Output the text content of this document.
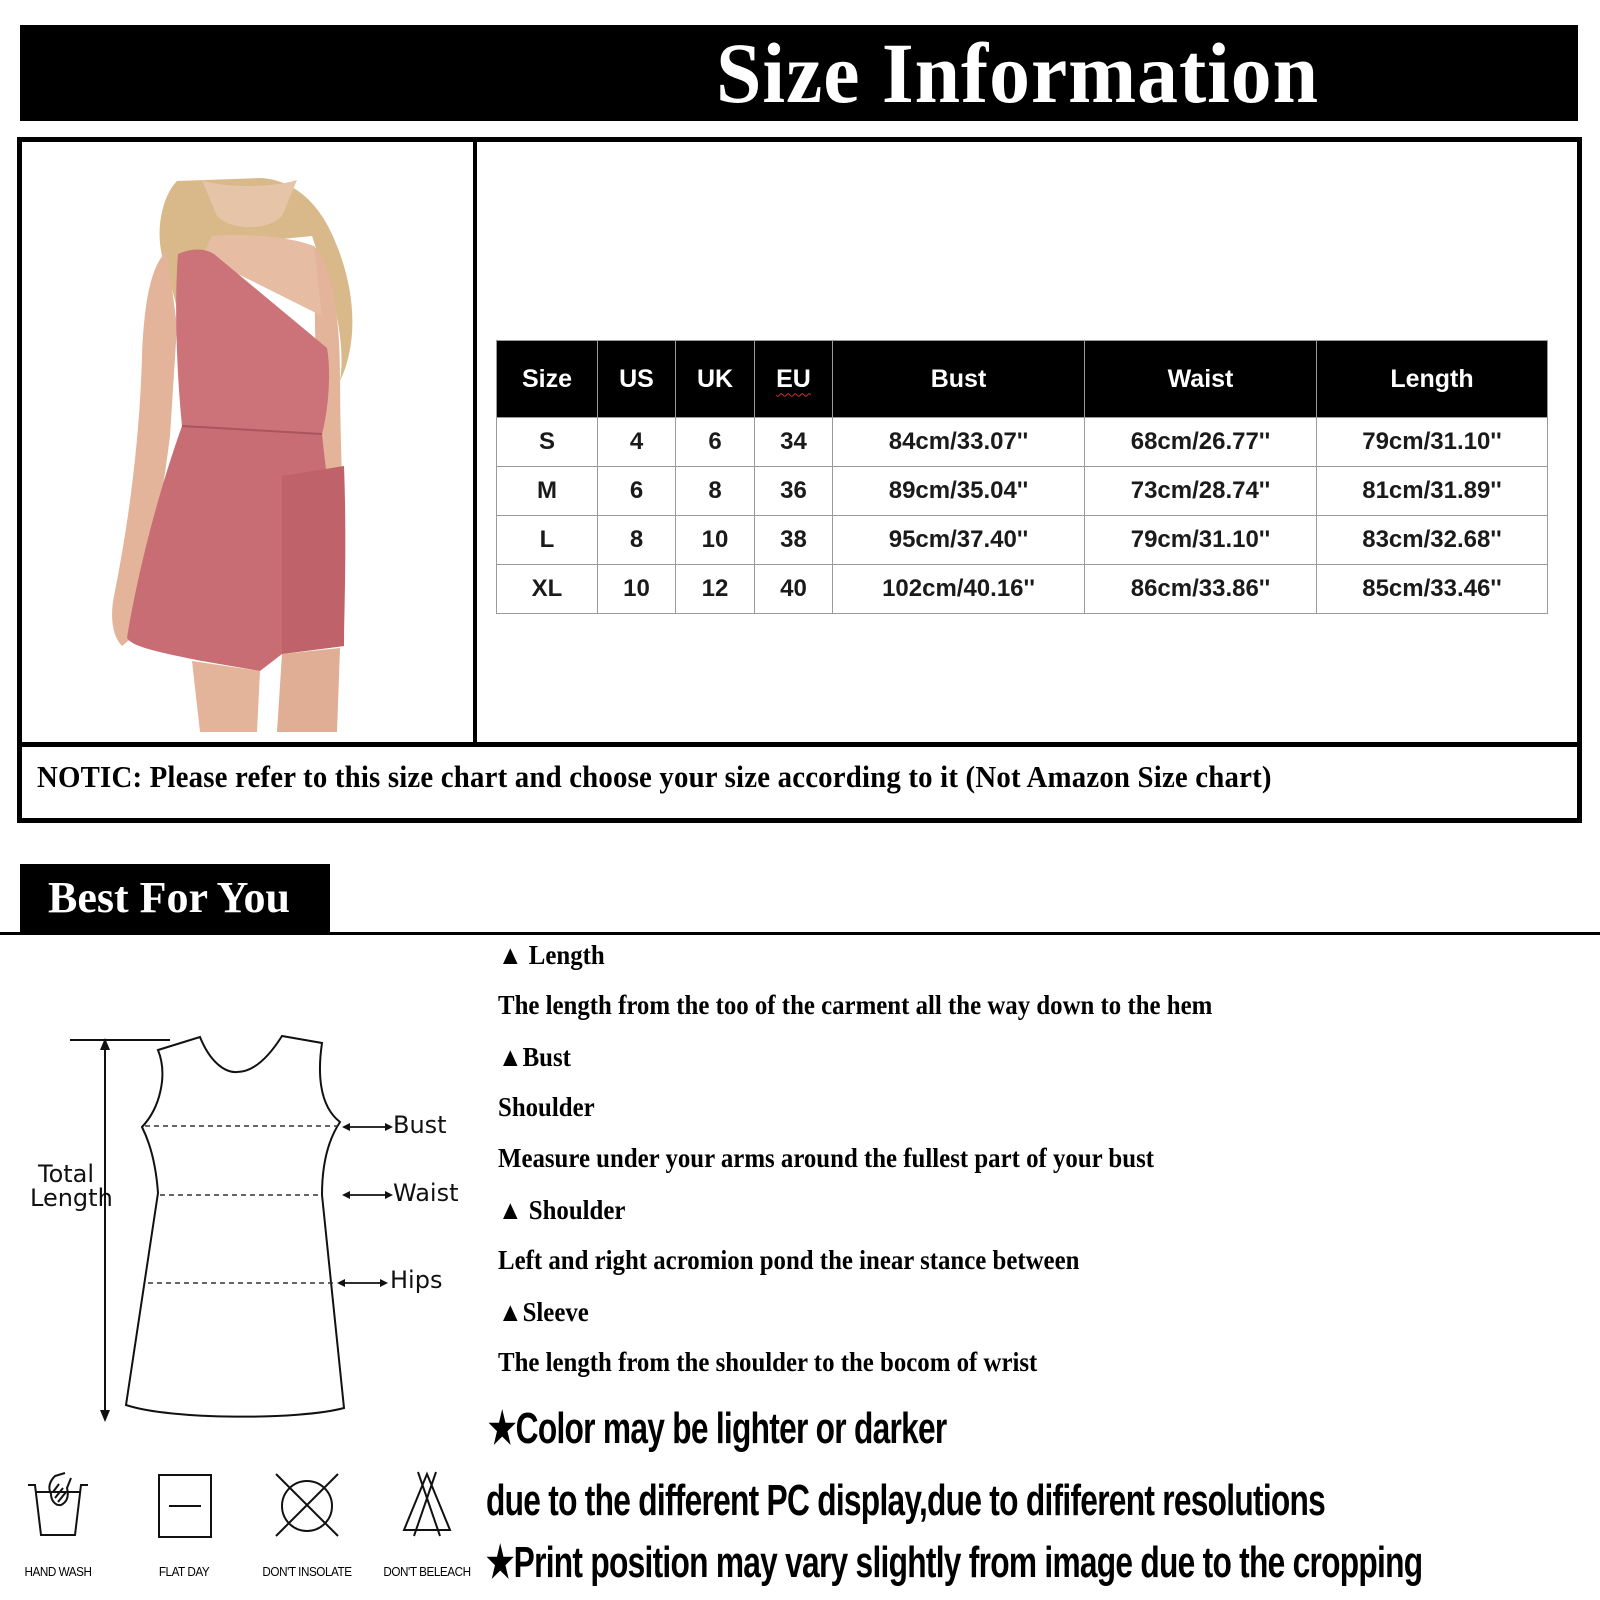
Size Information
NOTIC: Please refer to this size chart and choose your size according to it (Not Amazon Size chart)
Size	US	UK	EU	Bust	Waist	Length
S	4	6	34	84cm/33.07''	68cm/26.77''	79cm/31.10''
M	6	8	36	89cm/35.04''	73cm/28.74''	81cm/31.89''
L	8	10	38	95cm/37.40''	79cm/31.10''	83cm/32.68''
XL	10	12	40	102cm/40.16''	86cm/33.86''	85cm/33.46''
Best For You
Total
Length
Bust
Waist
Hips
HAND WASH	FLAT DAY	DON'T INSOLATE	DON'T BELEACH
▲ Length
The length from the too of the carment all the way down to the hem
▲Bust
Shoulder
Measure under your arms around the fullest part of your bust
▲ Shoulder
Left and right acromion pond the inear stance between
▲Sleeve
The length from the shoulder to the bocom of wrist
★Color may be lighter or darker
due to the different PC display,due to dififerent resolutions
★Print position may vary slightly from image due to the cropping
